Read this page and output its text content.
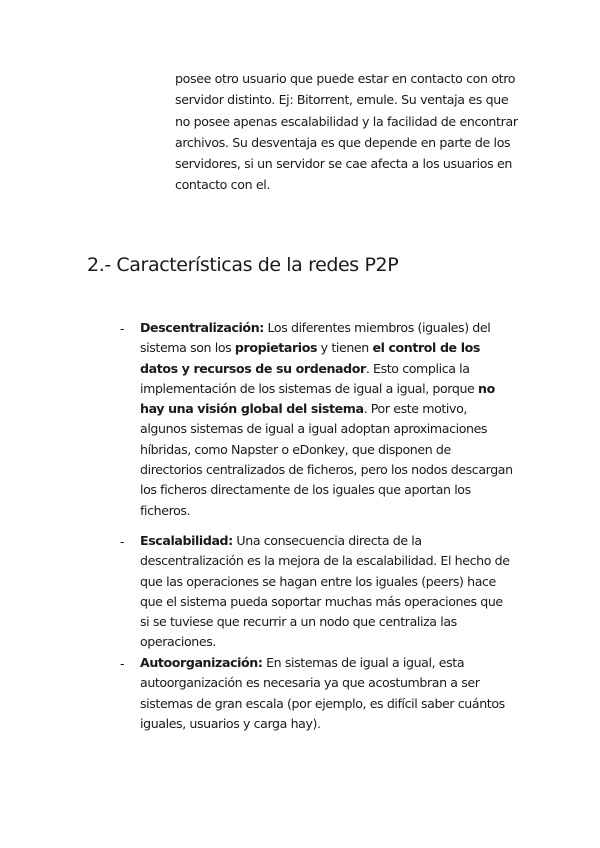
posee otro usuario que puede estar en contacto con otro servidor distinto. Ej: Bitorrent, emule. Su ventaja es que no posee apenas escalabilidad y la facilidad de encontrar archivos. Su desventaja es que depende en parte de los servidores, si un servidor se cae afecta a los usuarios en contacto con el.

2.- Características de la redes P2P
- Descentralización: Los diferentes miembros (iguales) del sistema son los propietarios y tienen el control de los datos y recursos de su ordenador. Esto complica la implementación de los sistemas de igual a igual, porque no hay una visión global del sistema. Por este motivo, algunos sistemas de igual a igual adoptan aproximaciones híbridas, como Napster o eDonkey, que disponen de directorios centralizados de ficheros, pero los nodos descargan los ficheros directamente de los iguales que aportan los ficheros.
- Escalabilidad: Una consecuencia directa de la descentralización es la mejora de la escalabilidad. El hecho de que las operaciones se hagan entre los iguales (peers) hace que el sistema pueda soportar muchas más operaciones que si se tuviese que recurrir a un nodo que centraliza las operaciones.
- Autoorganización: En sistemas de igual a igual, esta autoorganización es necesaria ya que acostumbran a ser sistemas de gran escala (por ejemplo, es difícil saber cuántos iguales, usuarios y carga hay).
